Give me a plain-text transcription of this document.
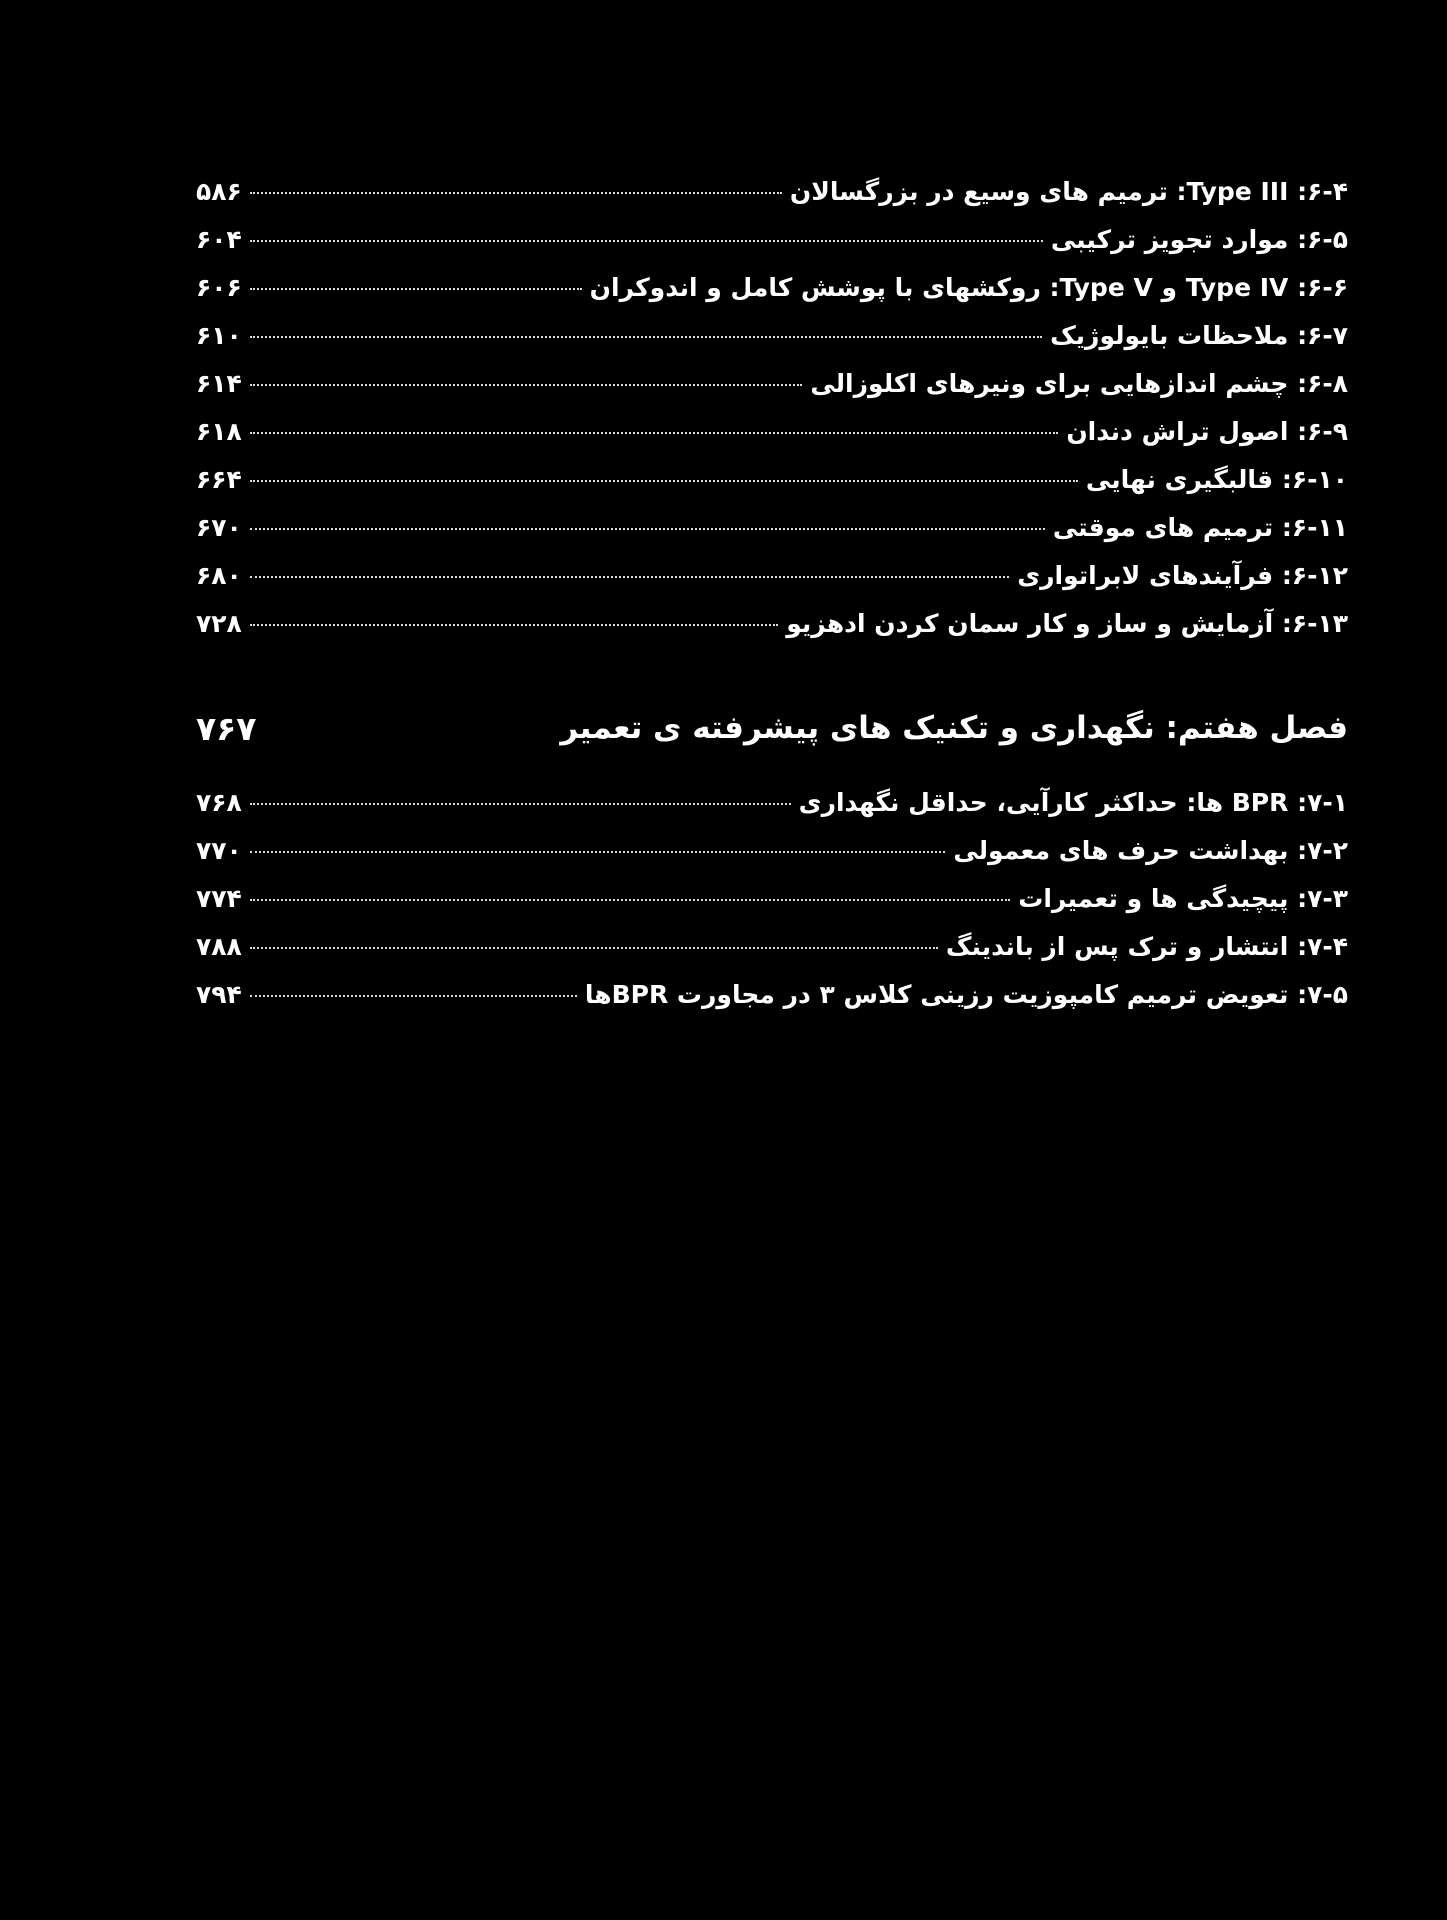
۶-۴: Type III: ترمیم های وسیع در بزرگسالان
۵۸۶
۶-۵: موارد تجویز ترکیبی
۶۰۴
۶-۶: Type IV و Type V: روکشهای با پوشش کامل و اندوکران
۶۰۶
۶-۷: ملاحظات بایولوژیک
۶۱۰
۶-۸: چشم اندازهایی برای ونیرهای اکلوزالی
۶۱۴
۶-۹: اصول تراش دندان
۶۱۸
۶-۱۰: قالبگیری نهایی
۶۶۴
۶-۱۱: ترمیم های موقتی
۶۷۰
۶-۱۲: فرآیندهای لابراتواری
۶۸۰
۶-۱۳: آزمایش و ساز و کار سمان کردن ادهزیو
۷۲۸
فصل هفتم: نگهداری و تکنیک های پیشرفته ی تعمیر
۷۶۷
۷-۱: BPR ها: حداکثر کارآیی، حداقل نگهداری
۷۶۸
۷-۲: بهداشت حرف های معمولی
۷۷۰
۷-۳: پیچیدگی ها و تعمیرات
۷۷۴
۷-۴: انتشار و ترک پس از باندینگ
۷۸۸
۷-۵: تعویض ترمیم کامپوزیت رزینی کلاس ۳ در مجاورت BPRها
۷۹۴
